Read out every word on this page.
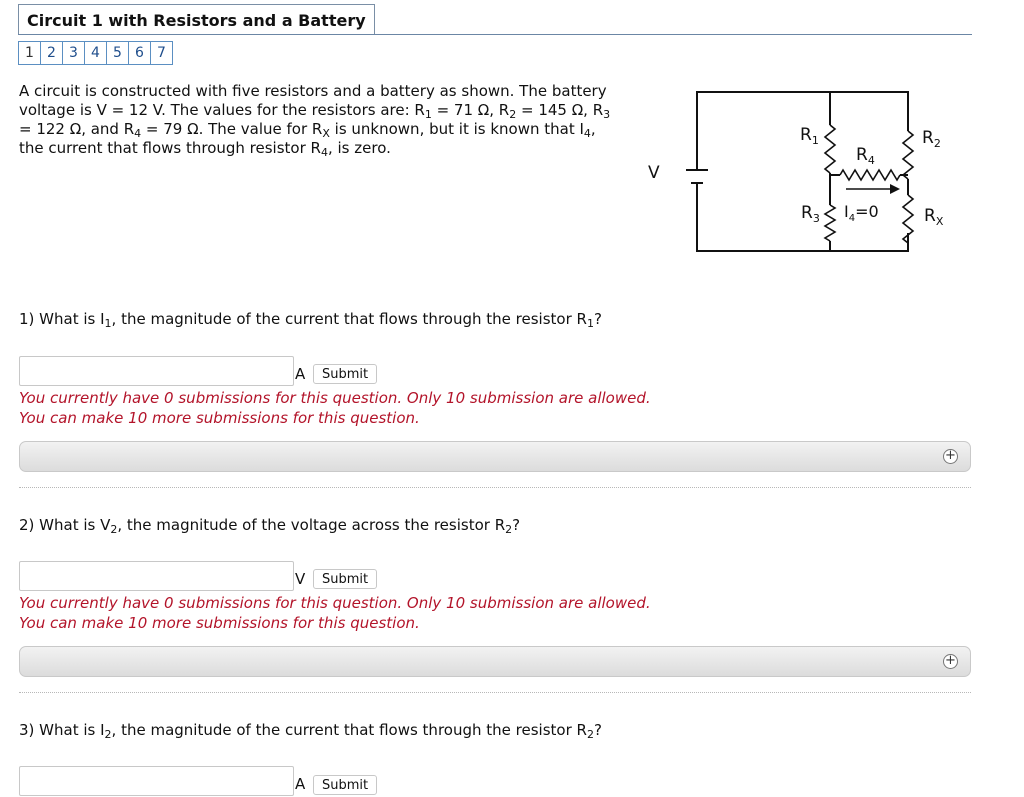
Circuit 1 with Resistors and a Battery
1 2 3 4 5 6 7
A circuit is constructed with five resistors and a battery as shown. The battery voltage is V = 12 V. The values for the resistors are: $R_1 = 71$ Ω, $R_2 = 145$ Ω, $R_3 = 122$ Ω, and $R_4 = 79$ Ω. The value for $R_X$ is unknown, but it is known that $I_4$, the current that flows through resistor $R_4$, is zero.
V
$R_1$	$R_2$
$R_4$
$R_3$ $I_4=0$	$R_X$
1) What is $I_1$, the magnitude of the current that flows through the resistor $R_1$?
A	Submit
You currently have 0 submissions for this question. Only 10 submission are allowed.
You can make 10 more submissions for this question.
+
2) What is $V_2$, the magnitude of the voltage across the resistor $R_2$?
V	Submit
You currently have 0 submissions for this question. Only 10 submission are allowed.
You can make 10 more submissions for this question.
+
3) What is $I_2$, the magnitude of the current that flows through the resistor $R_2$?
A	Submit
